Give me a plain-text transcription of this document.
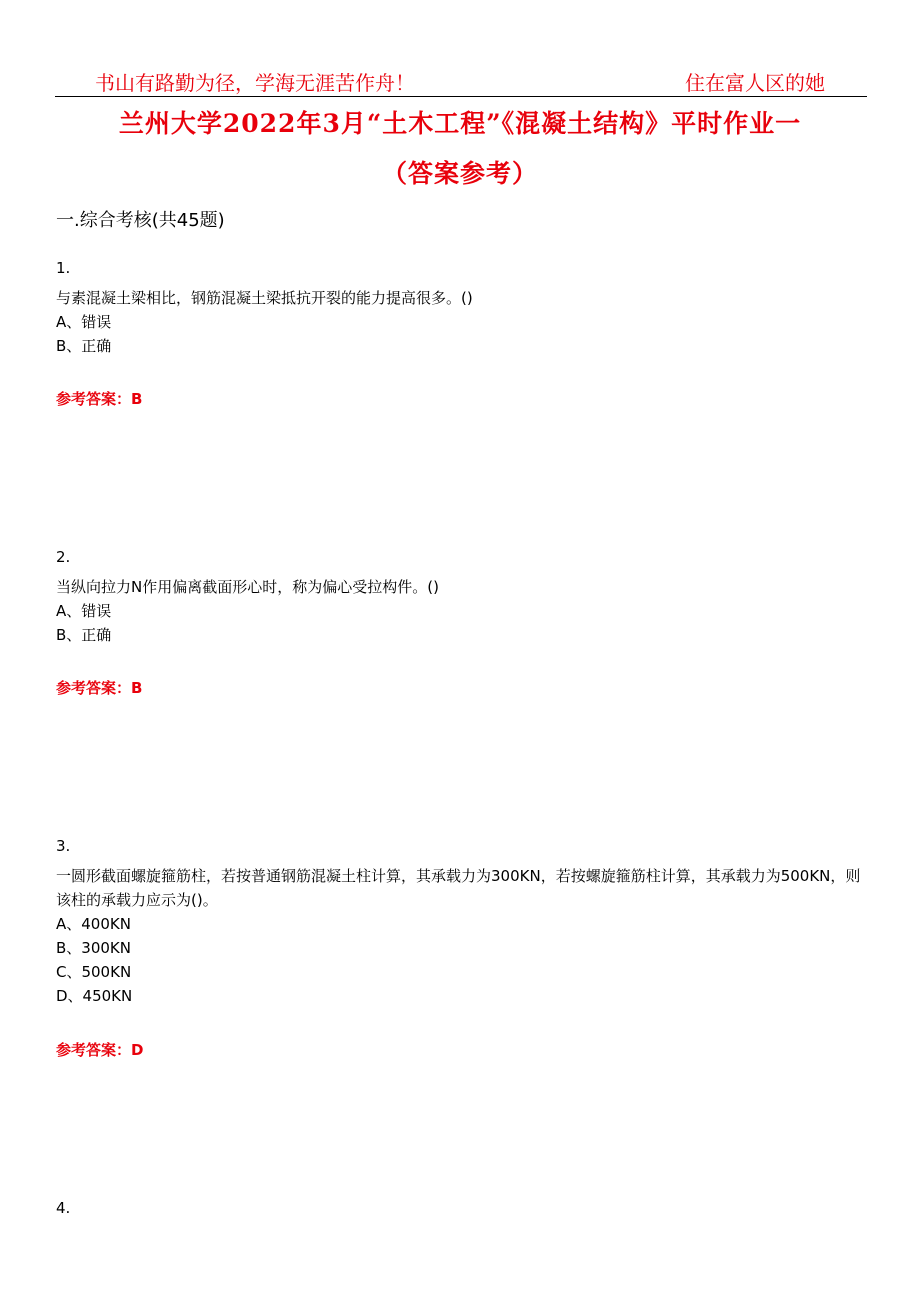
书山有路勤为径，学海无涯苦作舟！	住在富人区的她
兰州大学2022年3月“土木工程”《混凝土结构》平时作业一
（答案参考）
一.综合考核(共45题)
1.
与素混凝土梁相比，钢筋混凝土梁抵抗开裂的能力提高很多。()
A、错误
B、正确
参考答案：B
2.
当纵向拉力N作用偏离截面形心时，称为偏心受拉构件。()
A、错误
B、正确
参考答案：B
3.
一圆形截面螺旋箍筋柱，若按普通钢筋混凝土柱计算，其承载力为300KN，若按螺旋箍筋柱计算，其承载力为500KN，则该柱的承载力应示为()。
A、400KN
B、300KN
C、500KN
D、450KN
参考答案：D
4.
